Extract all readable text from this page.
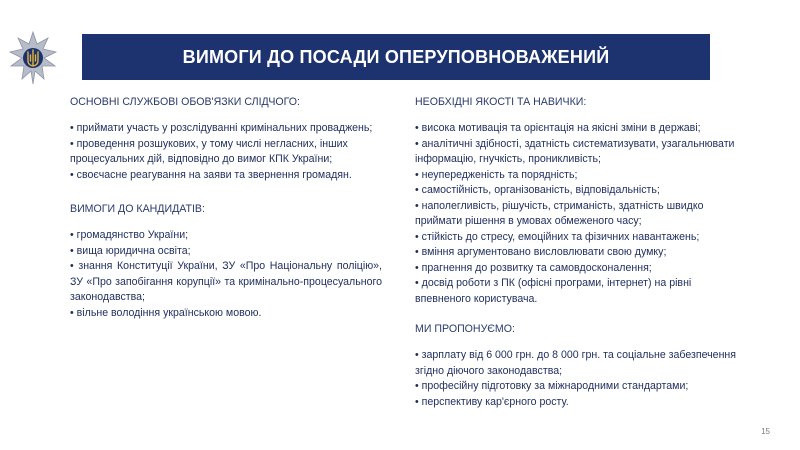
ВИМОГИ ДО ПОСАДИ ОПЕРУПОВНОВАЖЕНИЙ
ОСНОВНІ СЛУЖБОВІ ОБОВ'ЯЗКИ СЛІДЧОГО:
• приймати участь у розслідуванні кримінальних проваджень;
• проведення розшукових, у тому числі негласних, інших процесуальних дій, відповідно до вимог КПК України;
• своєчасне реагування на заяви та звернення громадян.
ВИМОГИ ДО КАНДИДАТІВ:
• громадянство України;
• вища юридична освіта;
• знання Конституції України, ЗУ «Про Національну поліцію», ЗУ «Про запобігання корупції» та кримінально-процесуального законодавства;
• вільне володіння українською мовою.
НЕОБХІДНІ ЯКОСТІ ТА НАВИЧКИ:
• висока мотивація та орієнтація на якісні зміни в державі;
• аналітичні здібності, здатність систематизувати, узагальнювати інформацію, гнучкість, проникливість;
• неупередженість та порядність;
• самостійність, організованість, відповідальність;
• наполегливість, рішучість, стриманість, здатність швидко приймати рішення в умовах обмеженого часу;
• стійкість до стресу, емоційних та фізичних навантажень;
• вміння аргументовано висловлювати свою думку;
• прагнення до розвитку та самовдосконалення;
• досвід роботи з ПК (офісні програми, інтернет) на рівні впевненого користувача.
МИ ПРОПОНУЄМО:
• зарплату від 6 000 грн. до 8 000 грн. та соціальне забезпечення згідно діючого законодавства;
• професійну підготовку за міжнародними стандартами;
• перспективу кар'єрного росту.
15
